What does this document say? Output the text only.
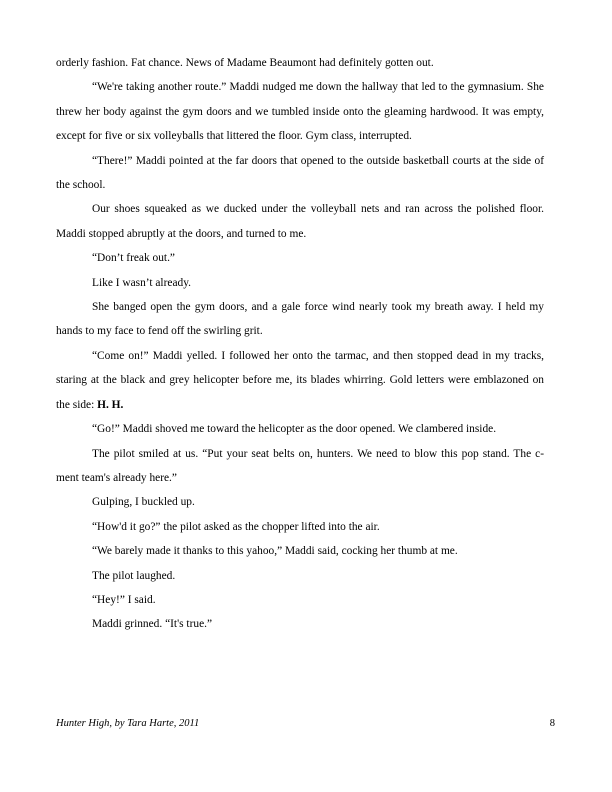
orderly fashion. Fat chance. News of Madame Beaumont had definitely gotten out.

“We're taking another route.” Maddi nudged me down the hallway that led to the gymnasium. She threw her body against the gym doors and we tumbled inside onto the gleaming hardwood. It was empty, except for five or six volleyballs that littered the floor. Gym class, interrupted.

“There!” Maddi pointed at the far doors that opened to the outside basketball courts at the side of the school.

Our shoes squeaked as we ducked under the volleyball nets and ran across the polished floor. Maddi stopped abruptly at the doors, and turned to me.

“Don’t freak out.”

Like I wasn’t already.

She banged open the gym doors, and a gale force wind nearly took my breath away. I held my hands to my face to fend off the swirling grit.

“Come on!” Maddi yelled. I followed her onto the tarmac, and then stopped dead in my tracks, staring at the black and grey helicopter before me, its blades whirring. Gold letters were emblazoned on the side: H. H.

“Go!” Maddi shoved me toward the helicopter as the door opened. We clambered inside.

The pilot smiled at us. “Put your seat belts on, hunters. We need to blow this pop stand. The c-ment team's already here.”

Gulping, I buckled up.

“How'd it go?” the pilot asked as the chopper lifted into the air.

“We barely made it thanks to this yahoo,” Maddi said, cocking her thumb at me.

The pilot laughed.

“Hey!” I said.

Maddi grinned. “It's true.”

Hunter High, by Tara Harte, 2011	8
